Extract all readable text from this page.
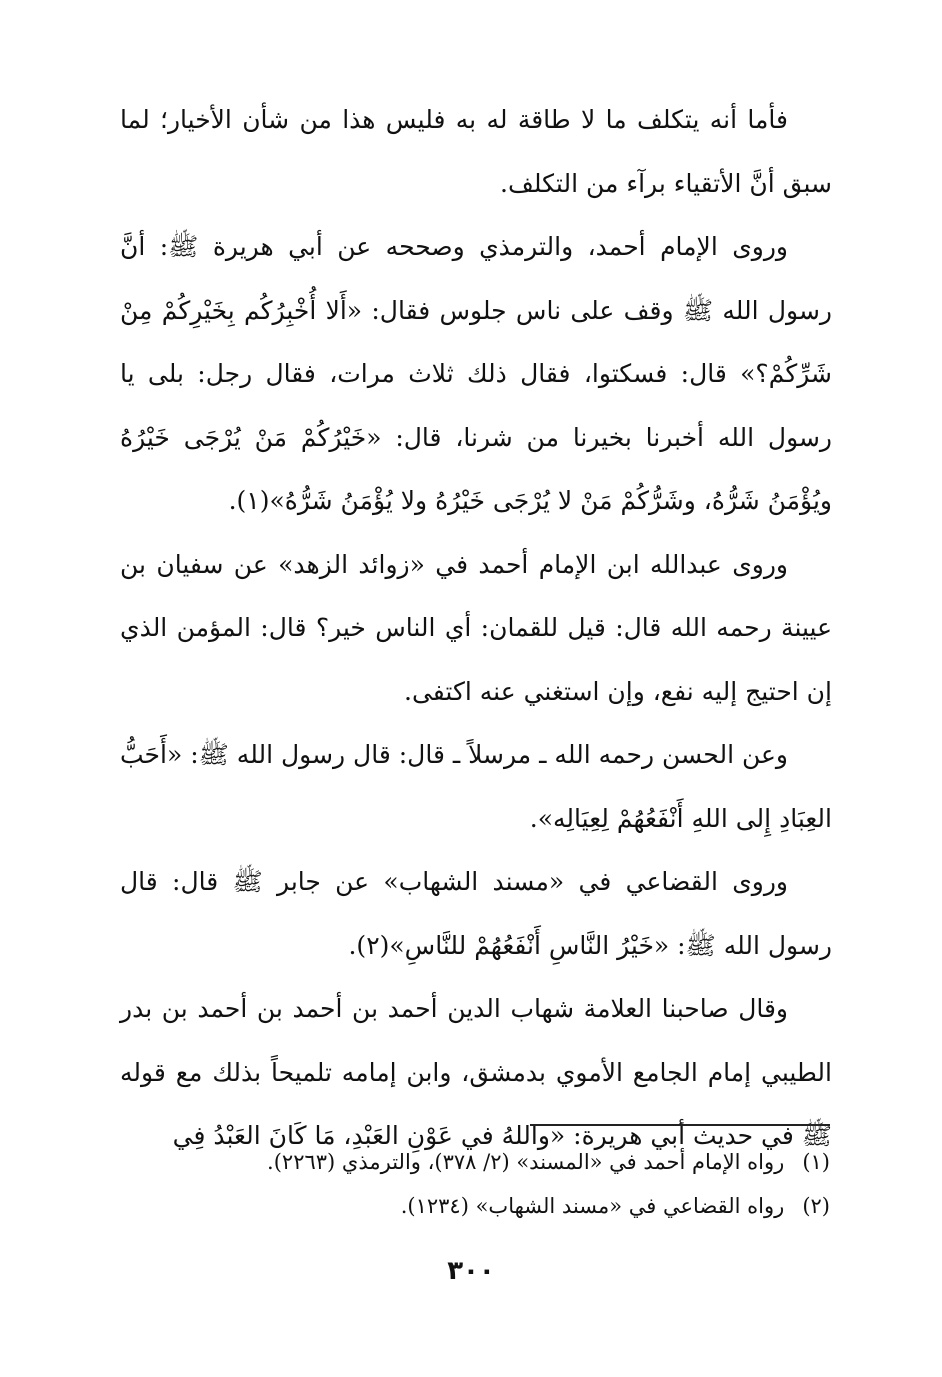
فأما أنه يتكلف ما لا طاقة له به فليس هذا من شأن الأخيار؛ لما سبق أنَّ الأتقياء برآء من التكلف.

وروى الإمام أحمد، والترمذي وصححه عن أبي هريرة ﷺ: أنَّ رسول الله ﷺ وقف على ناس جلوس فقال: «أَلا أُخْبِرُكُم بِخَيْرِكُمْ مِنْ شَرِّكُمْ؟» قال: فسكتوا، فقال ذلك ثلاث مرات، فقال رجل: بلى يا رسول الله أخبرنا بخيرنا من شرنا، قال: «خَيْرُكُمْ مَنْ يُرْجَى خَيْرُهُ ويُؤْمَنُ شَرُّهُ، وشَرُّكُمْ مَنْ لا يُرْجَى خَيْرُهُ ولا يُؤْمَنُ شَرُّهُ»(١).

وروى عبدالله ابن الإمام أحمد في «زوائد الزهد» عن سفيان بن عيينة رحمه الله قال: قيل للقمان: أي الناس خير؟ قال: المؤمن الذي إن احتيج إليه نفع، وإن استغني عنه اكتفى.

وعن الحسن رحمه الله ـ مرسلاً ـ قال: قال رسول الله ﷺ: «أَحَبُّ العِبَادِ إِلى اللهِ أَنْفَعُهُمْ لِعِيَالِه».

وروى القضاعي في «مسند الشهاب» عن جابر ﷺ قال: قال رسول الله ﷺ: «خَيْرُ النَّاسِ أَنْفَعُهُمْ للنَّاسِ»(٢).

وقال صاحبنا العلامة شهاب الدين أحمد بن أحمد بن أحمد بن بدر الطيبي إمام الجامع الأموي بدمشق، وابن إمامه تلميحاً بذلك مع قوله ﷺ في حديث أبي هريرة: «واللهُ في عَوْنِ العَبْدِ، مَا كَانَ العَبْدُ فِي

(١)
رواه الإمام أحمد في «المسند» (٢/ ٣٧٨)، والترمذي (٢٢٦٣).

(٢)
رواه القضاعي في «مسند الشهاب» (١٢٣٤).

٣٠٠
